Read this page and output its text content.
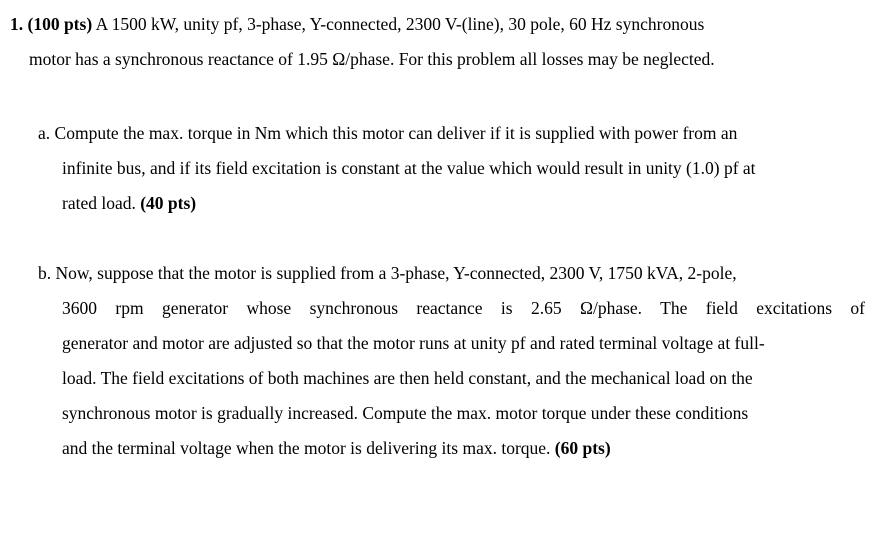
1. (100 pts) A 1500 kW, unity pf, 3-phase, Y-connected, 2300 V-(line), 30 pole, 60 Hz synchronous
motor has a synchronous reactance of 1.95 Ω/phase. For this problem all losses may be neglected.
a. Compute the max. torque in Nm which this motor can deliver if it is supplied with power from an
infinite bus, and if its field excitation is constant at the value which would result in unity (1.0) pf at
rated load. (40 pts)
b. Now, suppose that the motor is supplied from a 3-phase, Y-connected, 2300 V, 1750 kVA, 2-pole,
3600 rpm generator whose synchronous reactance is 2.65 Ω/phase. The field excitations of
generator and motor are adjusted so that the motor runs at unity pf and rated terminal voltage at full-
load. The field excitations of both machines are then held constant, and the mechanical load on the
synchronous motor is gradually increased. Compute the max. motor torque under these conditions
and the terminal voltage when the motor is delivering its max. torque. (60 pts)
